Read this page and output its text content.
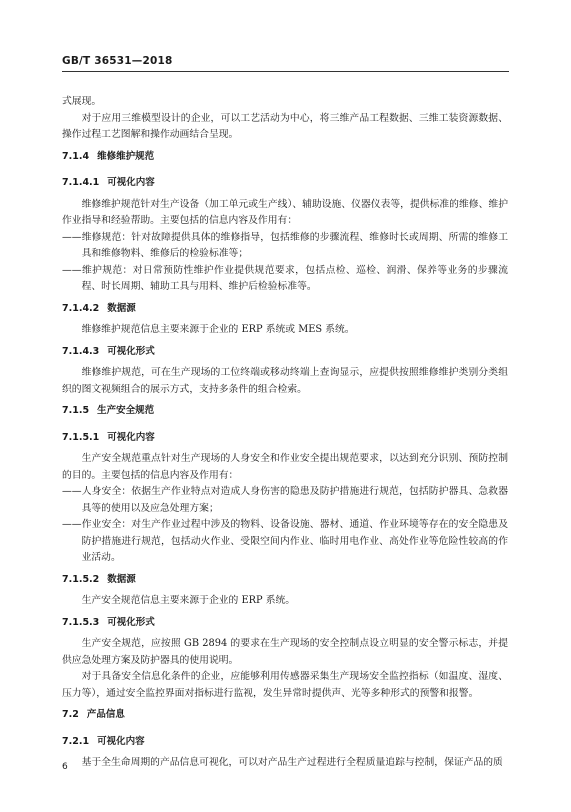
GB/T 36531—2018

式展现。

对于应用三维模型设计的企业，可以工艺活动为中心，将三维产品工程数据、三维工装资源数据、操作过程工艺图解和操作动画结合呈现。

7.1.4 维修维护规范
7.1.4.1 可视化内容

维修维护规范针对生产设备（加工单元或生产线）、辅助设施、仪器仪表等，提供标准的维修、维护作业指导和经验帮助。主要包括的信息内容及作用有：

——维修规范：针对故障提供具体的维修指导，包括维修的步骤流程、维修时长或周期、所需的维修工具和维修物料、维修后的检验标准等；

——维护规范：对日常预防性维护作业提供规范要求，包括点检、巡检、润滑、保养等业务的步骤流程、时长周期、辅助工具与用料、维护后检验标准等。

7.1.4.2 数据源

维修维护规范信息主要来源于企业的 ERP 系统或 MES 系统。

7.1.4.3 可视化形式

维修维护规范，可在生产现场的工位终端或移动终端上查询显示，应提供按照维修维护类别分类组织的图文视频组合的展示方式，支持多条件的组合检索。

7.1.5 生产安全规范
7.1.5.1 可视化内容

生产安全规范重点针对生产现场的人身安全和作业安全提出规范要求，以达到充分识别、预防控制的目的。主要包括的信息内容及作用有：

——人身安全：依据生产作业特点对造成人身伤害的隐患及防护措施进行规范，包括防护器具、急救器具等的使用以及应急处理方案；

——作业安全：对生产作业过程中涉及的物料、设备设施、器材、通道、作业环境等存在的安全隐患及防护措施进行规范，包括动火作业、受限空间内作业、临时用电作业、高处作业等危险性较高的作业活动。

7.1.5.2 数据源

生产安全规范信息主要来源于企业的 ERP 系统。

7.1.5.3 可视化形式

生产安全规范，应按照 GB 2894 的要求在生产现场的安全控制点设立明显的安全警示标志，并提供应急处理方案及防护器具的使用说明。

对于具备安全信息化条件的企业，应能够利用传感器采集生产现场安全监控指标（如温度、湿度、压力等），通过安全监控界面对指标进行监视，发生异常时提供声、光等多种形式的预警和报警。

7.2 产品信息
7.2.1 可视化内容

基于全生命周期的产品信息可视化，可以对产品生产过程进行全程质量追踪与控制，保证产品的质

6
